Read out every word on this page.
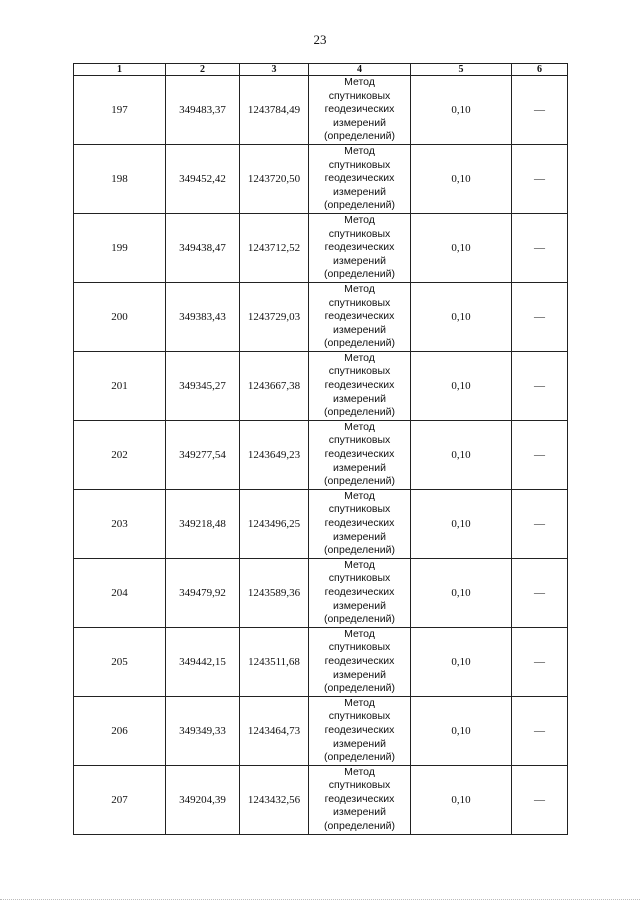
23
1	2	3	4	5	6
197	349483,37	1243784,49	Метод
спутниковых
геодезических
измерений
(определений)	0,10	—
198	349452,42	1243720,50	Метод
спутниковых
геодезических
измерений
(определений)	0,10	—
199	349438,47	1243712,52	Метод
спутниковых
геодезических
измерений
(определений)	0,10	—
200	349383,43	1243729,03	Метод
спутниковых
геодезических
измерений
(определений)	0,10	—
201	349345,27	1243667,38	Метод
спутниковых
геодезических
измерений
(определений)	0,10	—
202	349277,54	1243649,23	Метод
спутниковых
геодезических
измерений
(определений)	0,10	—
203	349218,48	1243496,25	Метод
спутниковых
геодезических
измерений
(определений)	0,10	—
204	349479,92	1243589,36	Метод
спутниковых
геодезических
измерений
(определений)	0,10	—
205	349442,15	1243511,68	Метод
спутниковых
геодезических
измерений
(определений)	0,10	—
206	349349,33	1243464,73	Метод
спутниковых
геодезических
измерений
(определений)	0,10	—
207	349204,39	1243432,56	Метод
спутниковых
геодезических
измерений
(определений)	0,10	—
